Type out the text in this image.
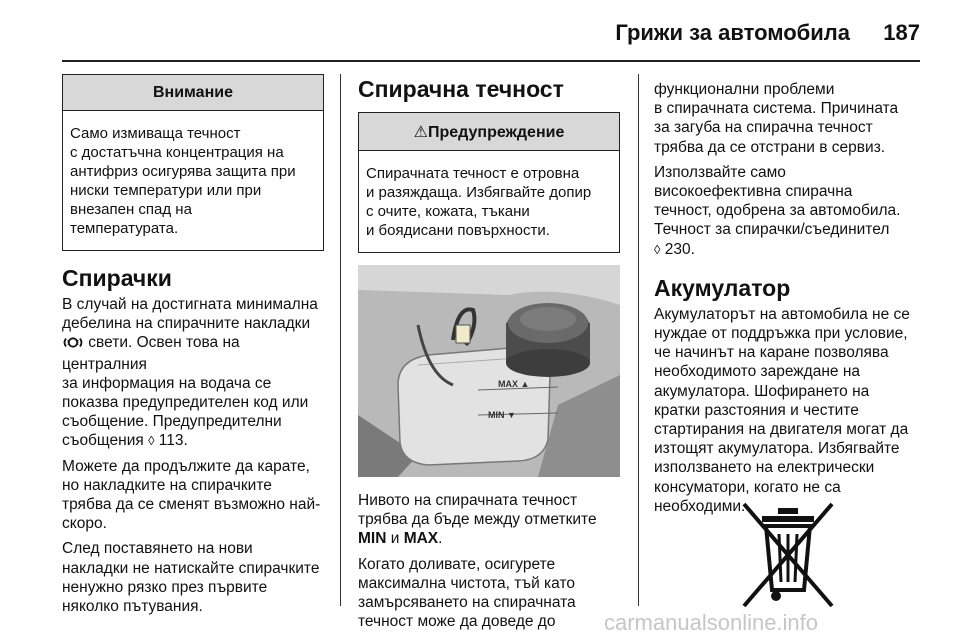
Грижи за автомобила 187
Внимание
Само измиваща течност
с достатъчна концентрация на
антифриз осигурява защита при
ниски температури или при
внезапен спад на
температурата.
Спирачки

В случай на достигната минимална
дебелина на спирачните накладки
свети. Освен това на централния
за информация на водача се
показва предупредителен код или
съобщение. Предупредителни
съобщения ◊ 113.

Можете да продължите да карате,
но накладките на спирачките
трябва да се сменят възможно най-
скоро.

След поставянето на нови
накладки не натискайте спирачките
ненужно рязко през първите
няколко пътувания.

Спирачна течност
⚠Предупреждение
Спирачната течност е отровна
и разяждаща. Избягвайте допир
с очите, кожата, тъкани
и боядисани повърхности.
MAX ▲
MIN ▼

Нивото на спирачната течност
трябва да бъде между отметките
MIN и MAX.

Когато доливате, осигурете
максимална чистота, тъй като
замърсяването на спирачната
течност може да доведе до

функционални проблеми
в спирачната система. Причината
за загуба на спирачна течност
трябва да се отстрани в сервиз.

Използвайте само
високоефективна спирачна
течност, одобрена за автомобила.
Течност за спирачки/съединител
◊ 230.

Акумулатор

Акумулаторът на автомобила не се
нуждае от поддръжка при условие,
че начинът на каране позволява
необходимото зареждане на
акумулатора. Шофирането на
кратки разстояния и честите
стартирания на двигателя могат да
изтощят акумулатора. Избягвайте
използването на електрически
консуматори, когато не са
необходими.

carmanualsonline.info
